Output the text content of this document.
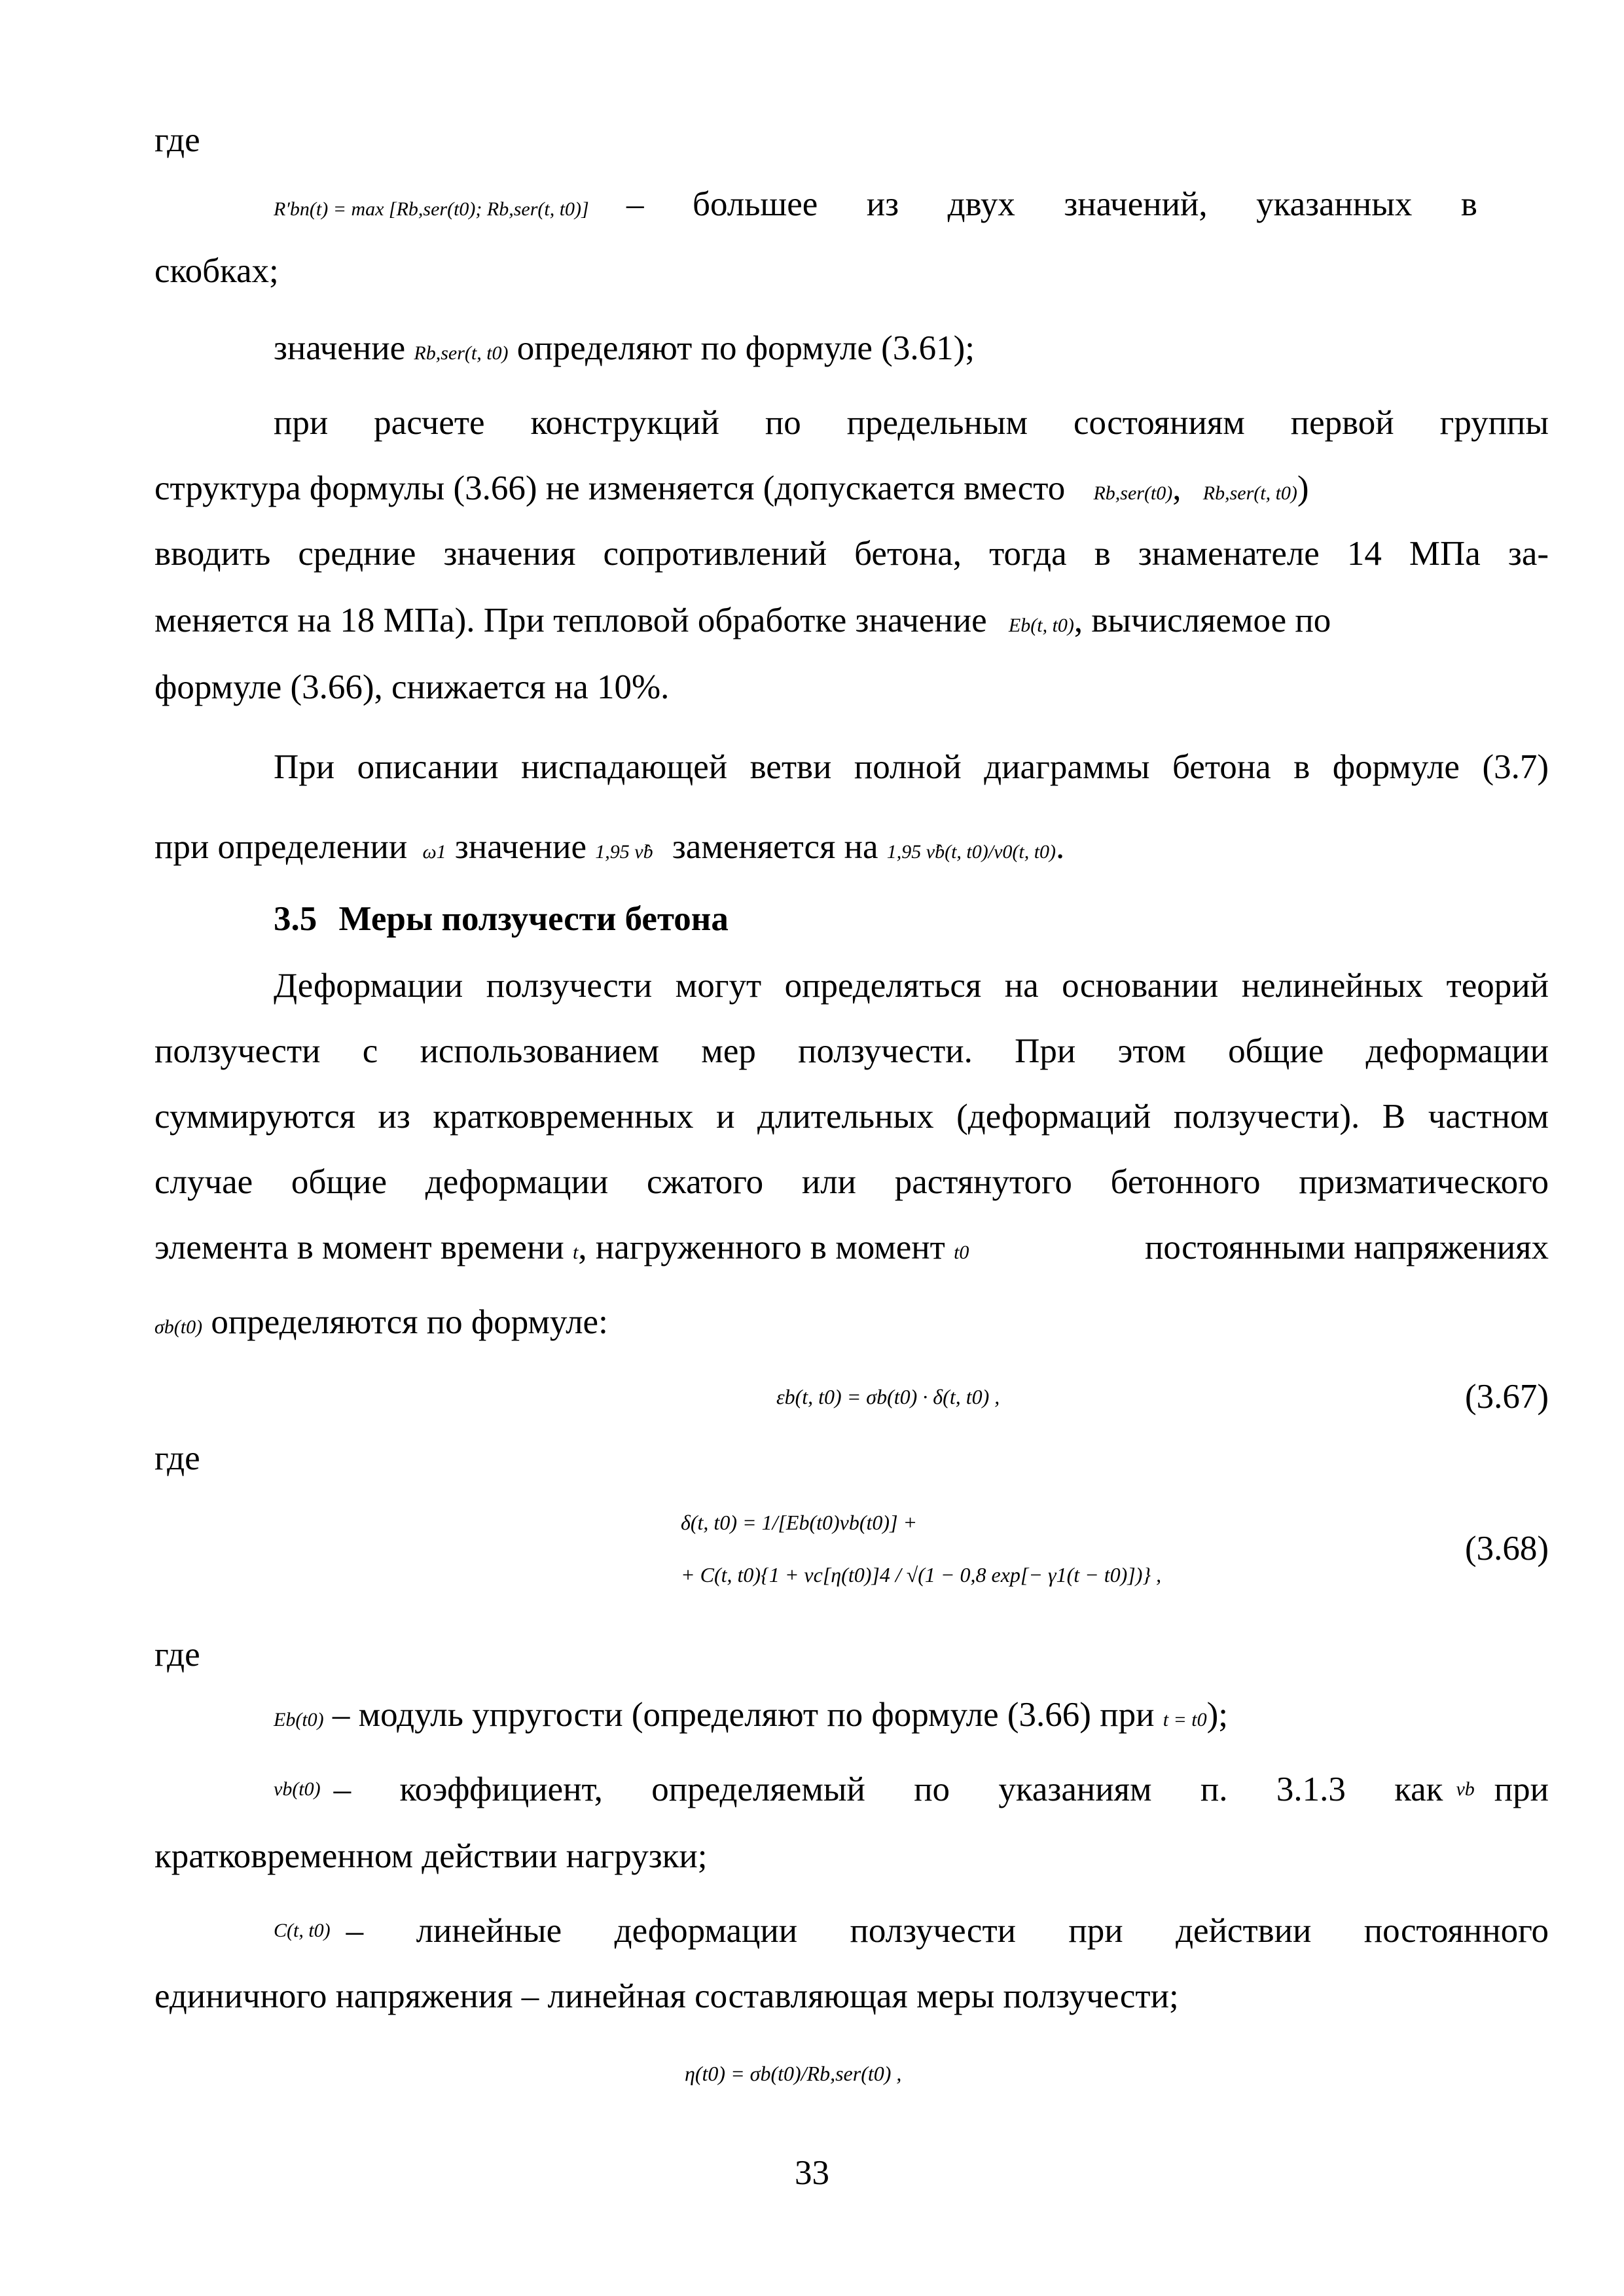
где
R′bn(t) = max [Rb,ser(t0); Rb,ser(t, t0)] – большее из двух значений, указанных в
скобках;
значение Rb,ser(t, t0) определяют по формуле (3.61);
при расчете конструкций по предельным состояниям первой группы
структура формулы (3.66) не изменяется (допускается вместо Rb,ser(t0), Rb,ser(t, t0))
вводить средние значения сопротивлений бетона, тогда в знаменателе 14 МПа за-
меняется на 18 МПа). При тепловой обработке значение Eb(t, t0), вычисляемое по
формуле (3.66), снижается на 10%.
При описании ниспадающей ветви полной диаграммы бетона в формуле (3.7)
при определении ω1 значение 1,95 ν̂b заменяется на 1,95 ν̂b(t, t0)/ν0(t, t0).
3.5 Меры ползучести бетона
Деформации ползучести могут определяться на основании нелинейных теорий
ползучести с использованием мер ползучести. При этом общие деформации
суммируются из кратковременных и длительных (деформаций ползучести). В частном
случае общие деформации сжатого или растянутого бетонного призматического
элемента в момент времени t, нагруженного в момент t0	постоянными напряжениях
σb(t0) определяются по формуле:
εb(t, t0) = σb(t0) · δ(t, t0) ,	(3.67)
где
δ(t, t0) = 1/[Eb(t0)νb(t0)] +
+ C(t, t0){1 + νc[η(t0)]4 / √(1 − 0,8 exp[− γ1(t − t0)])} ,
(3.68)
где
Eb(t0) – модуль упругости (определяют по формуле (3.66) при t = t0);
νb(t0) – коэффициент, определяемый по указаниям п. 3.1.3 как νb при
кратковременном действии нагрузки;
C(t, t0) – линейные деформации ползучести при действии постоянного
единичного напряжения – линейная составляющая меры ползучести;
η(t0) = σb(t0)/Rb,ser(t0) ,
33
